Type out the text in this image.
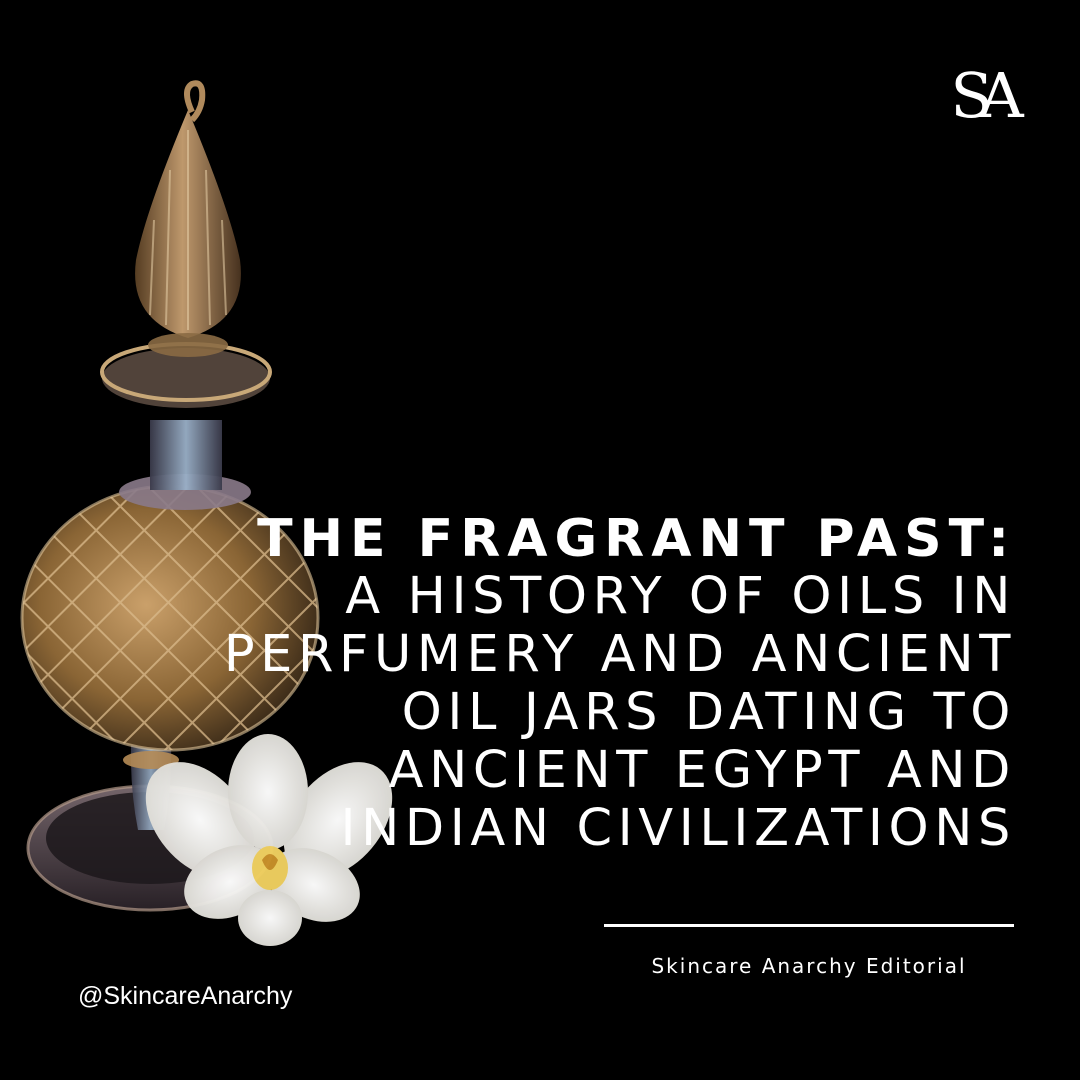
SA
THE FRAGRANT PAST:
A HISTORY OF OILS IN
PERFUMERY AND ANCIENT
OIL JARS DATING TO
ANCIENT EGYPT AND
INDIAN CIVILIZATIONS
Skincare Anarchy Editorial
@SkincareAnarchy
